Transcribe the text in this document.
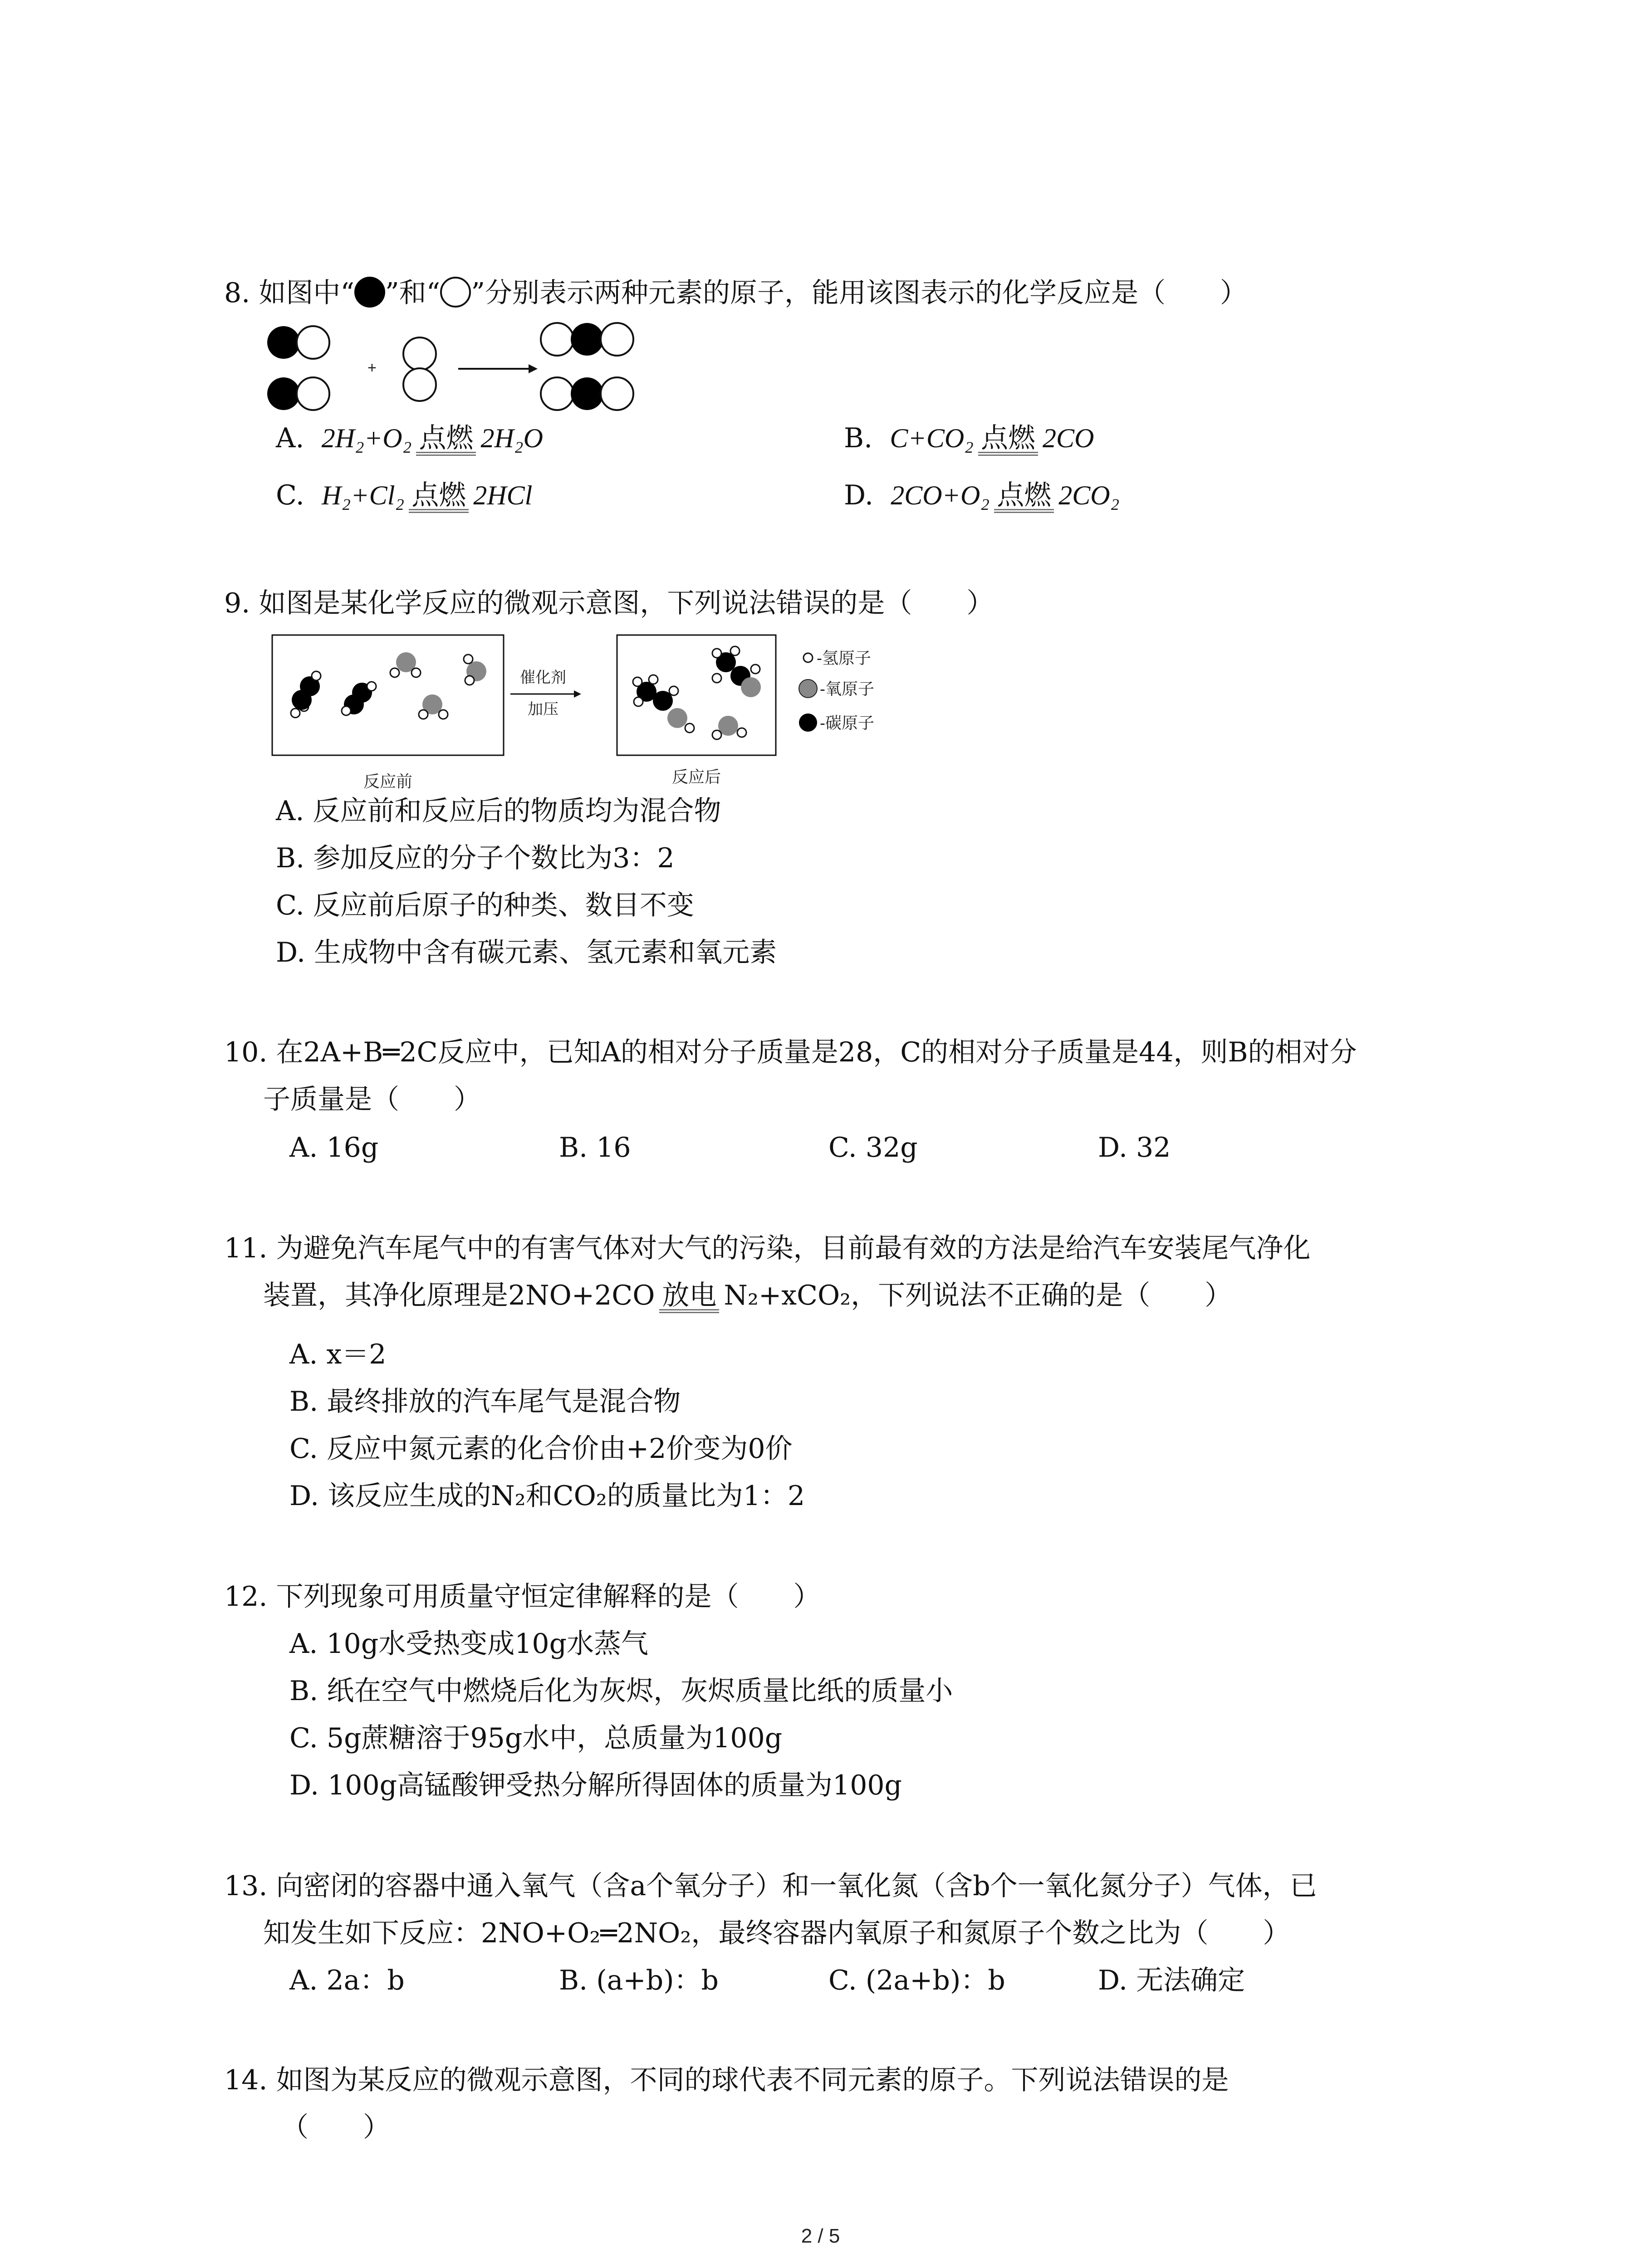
8. 如图中“ ”和“ ”分别表示两种元素的原子，能用该图表示的化学反应是（　　）
+
A. 2H₂+O₂ 点燃 2H₂O	B. C+CO₂ 点燃 2CO
C. H₂+Cl₂ 点燃 2HCl	D. 2CO+O₂ 点燃 2CO₂
9. 如图是某化学反应的微观示意图，下列说法错误的是（　　）
催化剂
加压
-氢原子
-氧原子
-碳原子
反应前	反应后
A. 反应前和反应后的物质均为混合物
B. 参加反应的分子个数比为3：2
C. 反应前后原子的种类、数目不变
D. 生成物中含有碳元素、氢元素和氧元素
10. 在2A+B═2C反应中，已知A的相对分子质量是28，C的相对分子质量是44，则B的相对分
子质量是（　　）
A. 16g	B. 16	C. 32g	D. 32
11. 为避免汽车尾气中的有害气体对大气的污染，目前最有效的方法是给汽车安装尾气净化
装置，其净化原理是2NO+2CO 放电 N₂+xCO₂，下列说法不正确的是（　　）
A. x＝2
B. 最终排放的汽车尾气是混合物
C. 反应中氮元素的化合价由+2价变为0价
D. 该反应生成的N₂和CO₂的质量比为1：2
12. 下列现象可用质量守恒定律解释的是（　　）
A. 10g水受热变成10g水蒸气
B. 纸在空气中燃烧后化为灰烬，灰烬质量比纸的质量小
C. 5g蔗糖溶于95g水中，总质量为100g
D. 100g高锰酸钾受热分解所得固体的质量为100g
13. 向密闭的容器中通入氧气（含a个氧分子）和一氧化氮（含b个一氧化氮分子）气体，已
知发生如下反应：2NO+O₂═2NO₂，最终容器内氧原子和氮原子个数之比为（　　）
A. 2a：b	B. (a+b)：b	C. (2a+b)：b	D. 无法确定
14. 如图为某反应的微观示意图，不同的球代表不同元素的原子。下列说法错误的是
（　　）
2 / 5
